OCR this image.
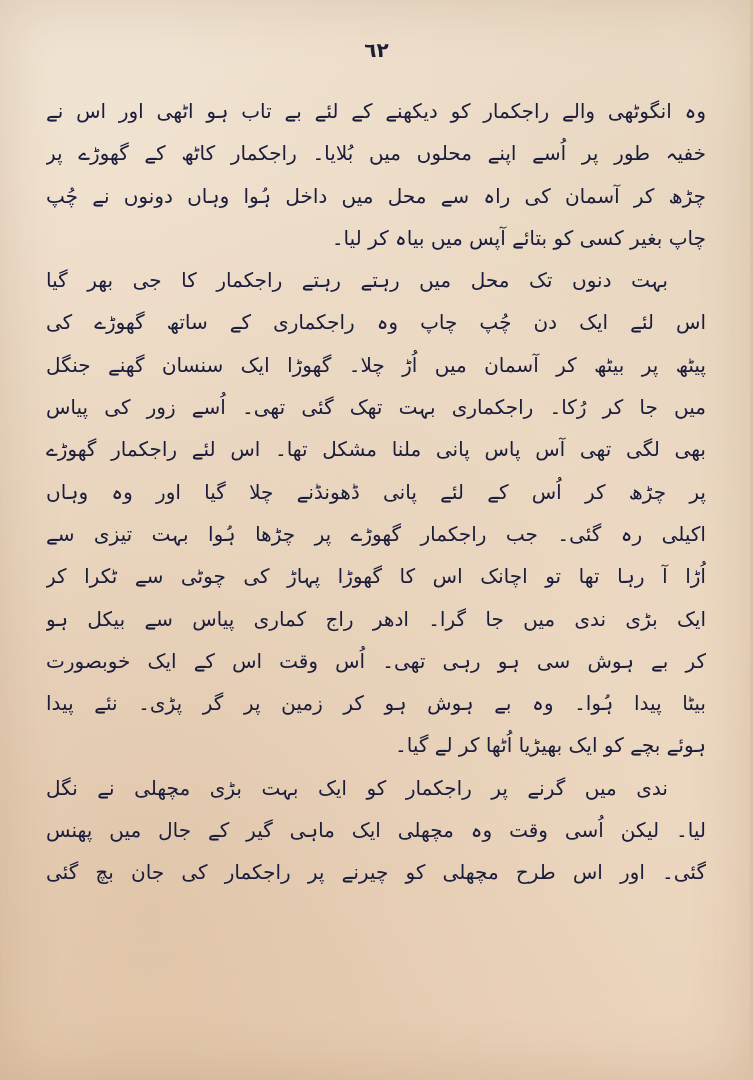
٦٢
وہ انگوٹھی والے راجکمار کو دیکھنے کے لئے بے تاب ہو اٹھی اور اس نے
خفیہ طور پر اُسے اپنے محلوں میں بُلایا۔ راجکمار کاٹھ کے گھوڑے پر
چڑھ کر آسمان کی راہ سے محل میں داخل ہُوا وہاں دونوں نے چُپ
چاپ بغیر کسی کو بتائے آپس میں بیاہ کر لیا۔
بہت دنوں تک محل میں رہتے رہتے راجکمار کا جی بھر گیا
اس لئے ایک دن چُپ چاپ وہ راجکماری کے ساتھ گھوڑے کی
پیٹھ پر بیٹھ کر آسمان میں اُڑ چلا۔ گھوڑا ایک سنسان گھنے جنگل
میں جا کر رُکا۔ راجکماری بہت تھک گئی تھی۔ اُسے زور کی پیاس
بھی لگی تھی آس پاس پانی ملنا مشکل تھا۔ اس لئے راجکمار گھوڑے
پر چڑھ کر اُس کے لئے پانی ڈھونڈنے چلا گیا اور وہ وہاں
اکیلی رہ گئی۔ جب راجکمار گھوڑے پر چڑھا ہُوا بہت تیزی سے
اُڑا آ رہا تھا تو اچانک اس کا گھوڑا پہاڑ کی چوٹی سے ٹکرا کر
ایک بڑی ندی میں جا گرا۔ ادھر راج کماری پیاس سے بیکل ہو
کر بے ہوش سی ہو رہی تھی۔ اُس وقت اس کے ایک خوبصورت
بیٹا پیدا ہُوا۔ وہ بے ہوش ہو کر زمین پر گر پڑی۔ نئے پیدا
ہوئے بچے کو ایک بھیڑیا اُٹھا کر لے گیا۔
ندی میں گرنے پر راجکمار کو ایک بہت بڑی مچھلی نے نگل
لیا۔ لیکن اُسی وقت وہ مچھلی ایک ماہی گیر کے جال میں پھنس
گئی۔ اور اس طرح مچھلی کو چیرنے پر راجکمار کی جان بچ گئی
